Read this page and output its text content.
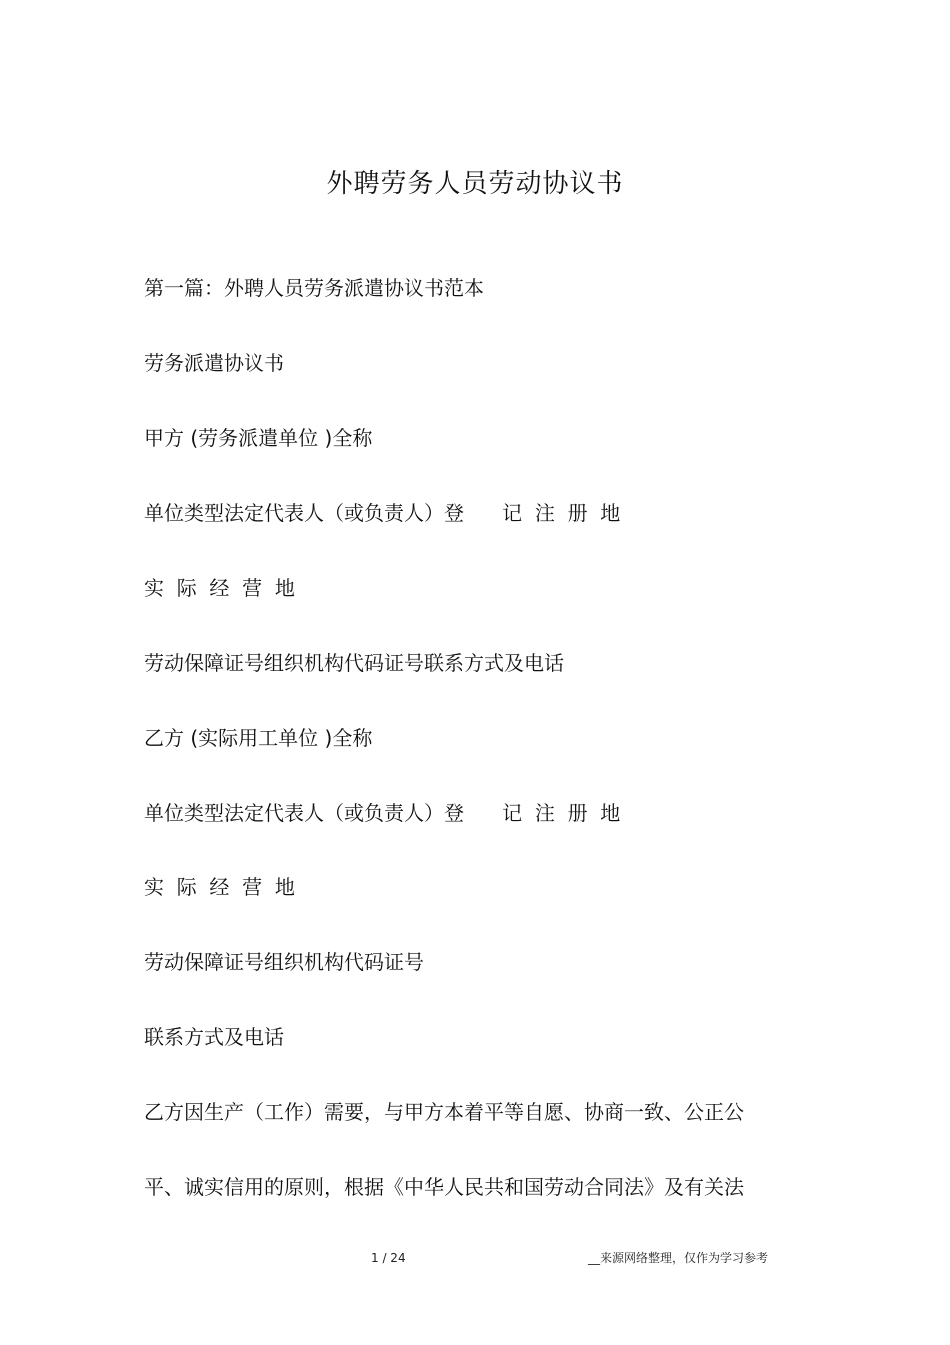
外聘劳务人员劳动协议书

第一篇：外聘人员劳务派遣协议书范本

劳务派遣协议书

甲方 (劳务派遣单位 )全称

单位类型法定代表人（或负责人）登      记  注  册  地

实  际  经  营  地

劳动保障证号组织机构代码证号联系方式及电话

乙方 (实际用工单位 )全称

单位类型法定代表人（或负责人）登      记  注  册  地

实  际  经  营  地

劳动保障证号组织机构代码证号

联系方式及电话

乙方因生产（工作）需要，与甲方本着平等自愿、协商一致、公正公

平、诚实信用的原则，根据《中华人民共和国劳动合同法》及有关法

1 / 24	__来源网络整理，仅作为学习参考
